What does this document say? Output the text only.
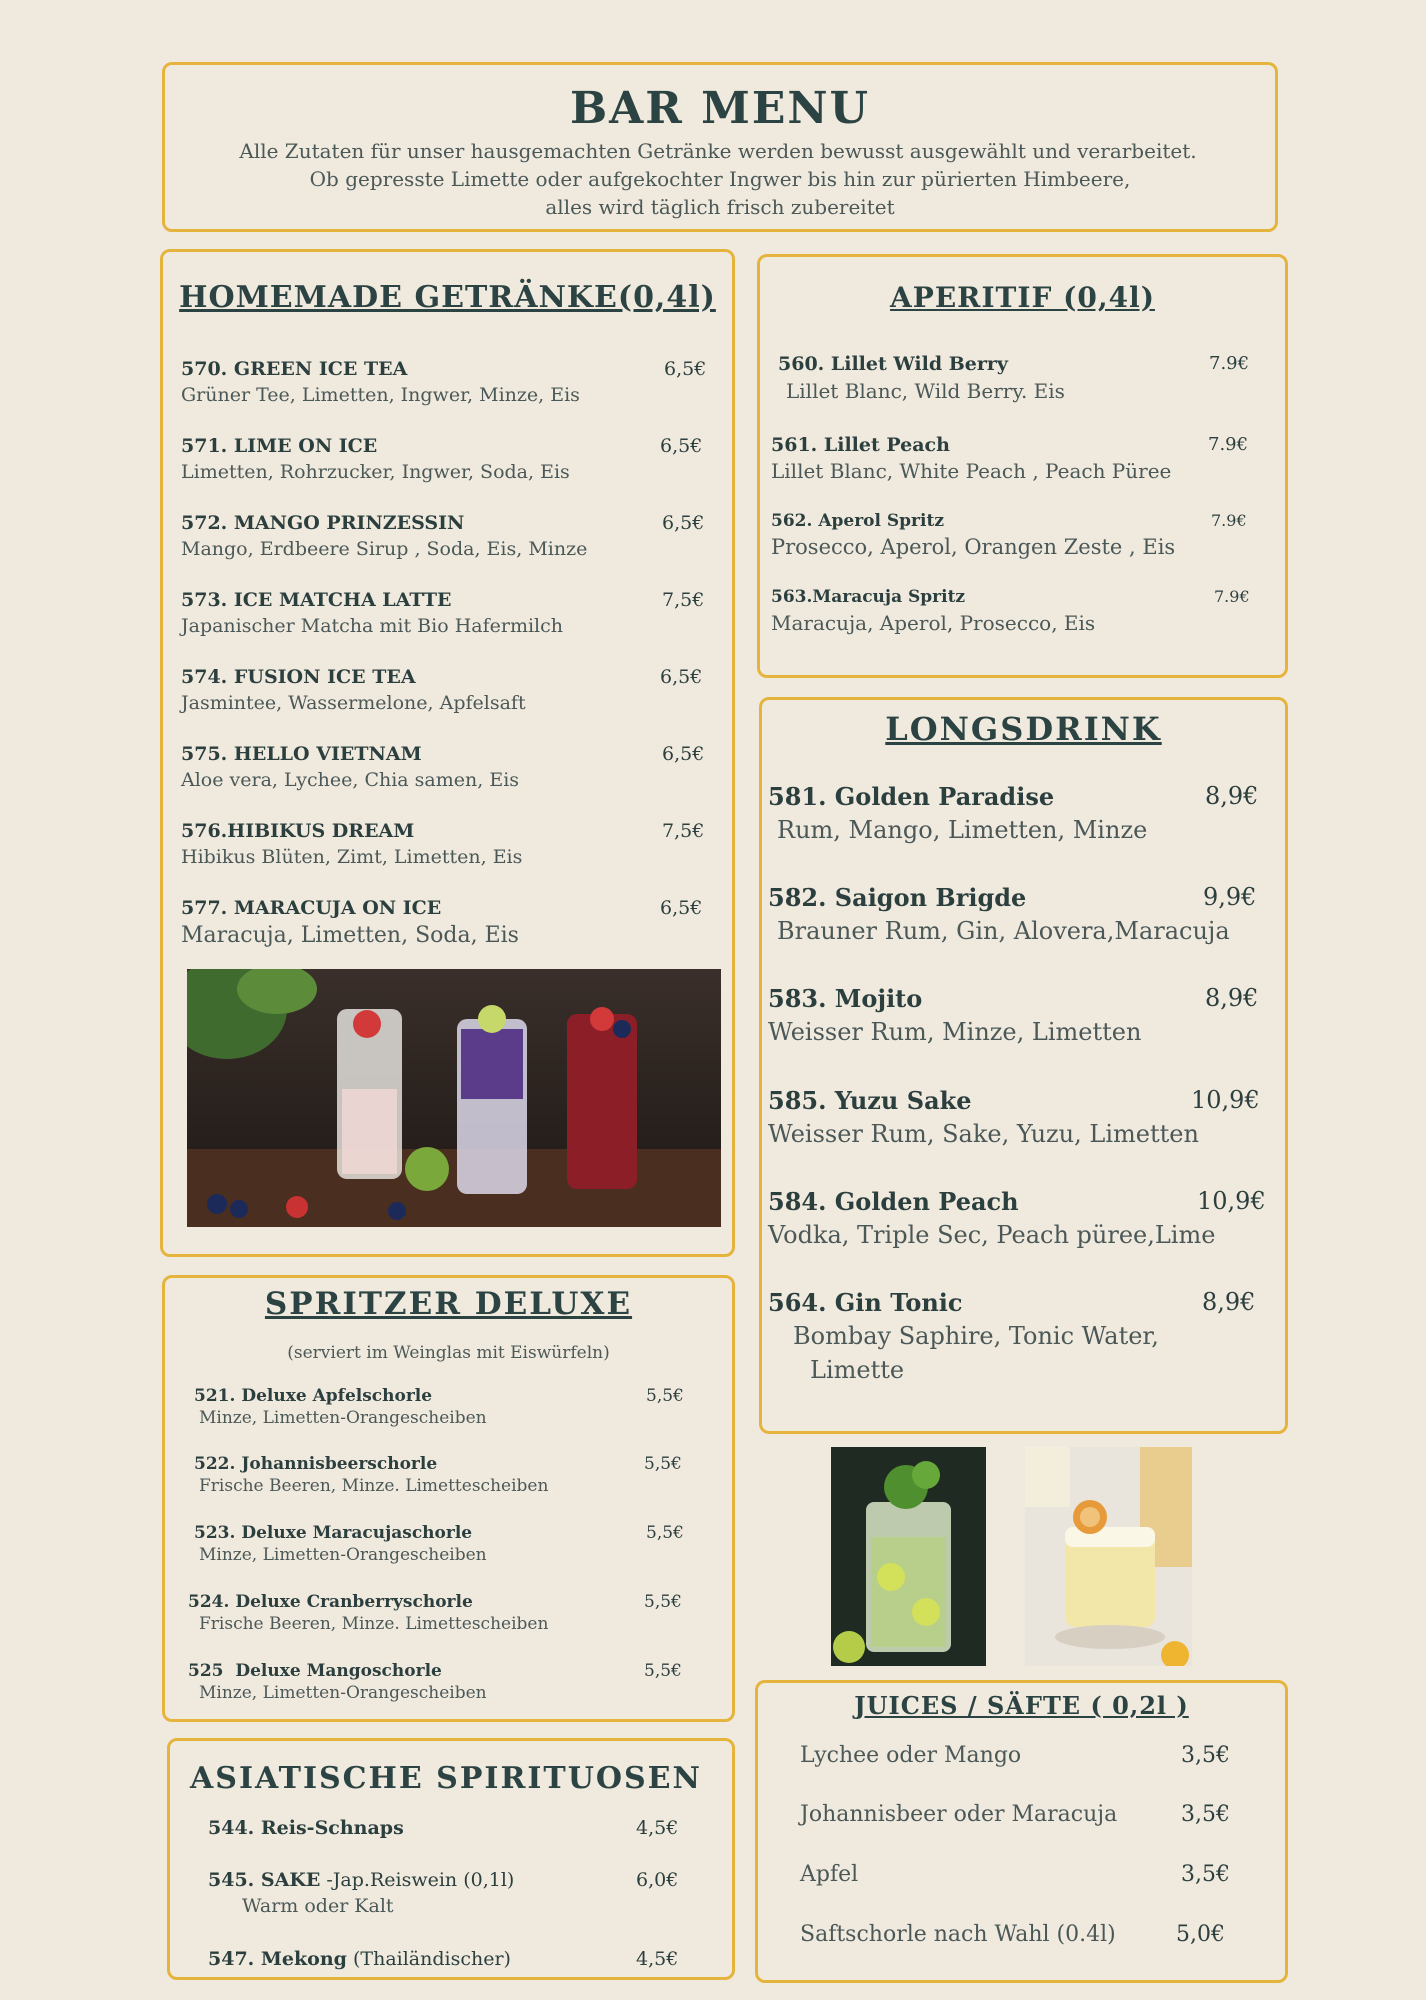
BAR MENU
Alle Zutaten für unser hausgemachten Getränke werden bewusst ausgewählt und verarbeitet.
Ob gepresste Limette oder aufgekochter Ingwer bis hin zur pürierten Himbeere,
alles wird täglich frisch zubereitet
HOMEMADE GETRÄNKE(0,4l)
570. GREEN ICE TEA	6,5€
Grüner Tee, Limetten, Ingwer, Minze, Eis
571. LIME ON ICE	6,5€
Limetten, Rohrzucker, Ingwer, Soda, Eis
572. MANGO PRINZESSIN	6,5€
Mango, Erdbeere Sirup , Soda, Eis, Minze
573. ICE MATCHA LATTE	7,5€
Japanischer Matcha mit Bio Hafermilch
574. FUSION ICE TEA	6,5€
Jasmintee, Wassermelone, Apfelsaft
575. HELLO VIETNAM	6,5€
Aloe vera, Lychee, Chia samen, Eis
576.HIBIKUS DREAM	7,5€
Hibikus Blüten, Zimt, Limetten, Eis
577. MARACUJA ON ICE	6,5€
Maracuja, Limetten, Soda, Eis
APERITIF (0,4l)
560. Lillet Wild Berry	7.9€
Lillet Blanc, Wild Berry. Eis
561. Lillet Peach	7.9€
Lillet Blanc, White Peach , Peach Püree
562. Aperol Spritz	7.9€
Prosecco, Aperol, Orangen Zeste , Eis
563.Maracuja Spritz	7.9€
Maracuja, Aperol, Prosecco, Eis
LONGSDRINK
581. Golden Paradise	8,9€
Rum, Mango, Limetten, Minze
582. Saigon Brigde	9,9€
Brauner Rum, Gin, Alovera,Maracuja
583. Mojito	8,9€
Weisser Rum, Minze, Limetten
585. Yuzu Sake	10,9€
Weisser Rum, Sake, Yuzu, Limetten
584. Golden Peach	10,9€
Vodka, Triple Sec, Peach püree,Lime
564. Gin Tonic	8,9€
Bombay Saphire, Tonic Water,
Limette
SPRITZER DELUXE
(serviert im Weinglas mit Eiswürfeln)
521. Deluxe Apfelschorle	5,5€
Minze, Limetten-Orangescheiben
522. Johannisbeerschorle	5,5€
Frische Beeren, Minze. Limettescheiben
523. Deluxe Maracujaschorle	5,5€
Minze, Limetten-Orangescheiben
524. Deluxe Cranberryschorle	5,5€
Frische Beeren, Minze. Limettescheiben
525  Deluxe Mangoschorle	5,5€
Minze, Limetten-Orangescheiben
ASIATISCHE SPIRITUOSEN
544. Reis-Schnaps	4,5€
545. SAKE -Jap.Reiswein (0,1l)	6,0€
Warm oder Kalt
547. Mekong (Thailändischer)	4,5€
JUICES / SÄFTE ( 0,2l )
Lychee oder Mango	3,5€
Johannisbeer oder Maracuja	3,5€
Apfel	3,5€
Saftschorle nach Wahl (0.4l)	5,0€
